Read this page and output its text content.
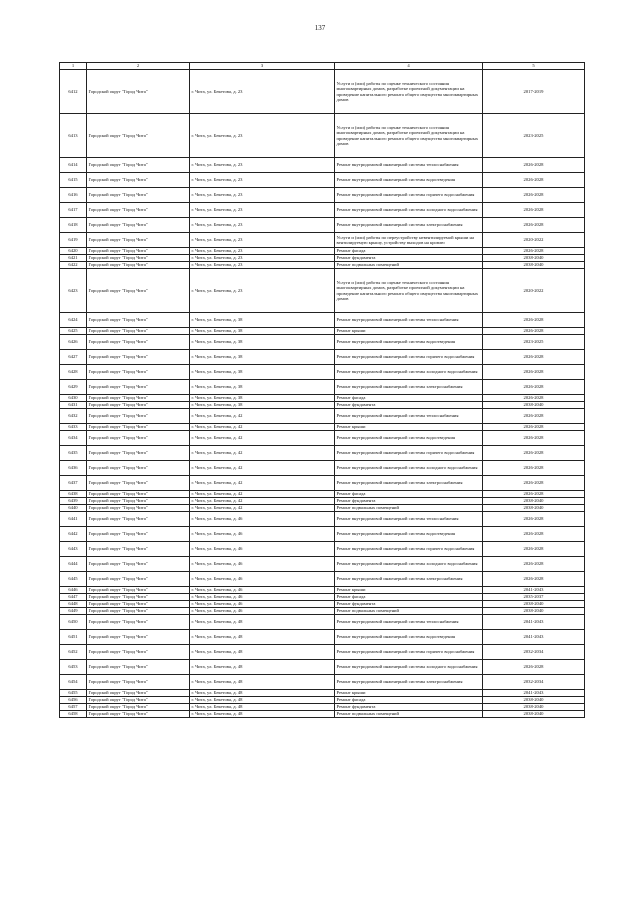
137
1	2	3	4	5
6412	Городской округ "Город Чита"	г. Чита, ул. Бекетова, д. 23	Услуги и (или) работы по оценке технического состояния многоквартирных домов, разработке проектной документации на проведение капитального ремонта общего имущества многоквартирных домов	2017-2019
6413	Городской округ "Город Чита"	г. Чита, ул. Бекетова, д. 23	Услуги и (или) работы по оценке технического состояния многоквартирных домов, разработке проектной документации на проведение капитального ремонта общего имущества многоквартирных домов	2023-2025
6414	Городской округ "Город Чита"	г. Чита, ул. Бекетова, д. 23	Ремонт внутридомовой инженерной системы теплоснабжения	2026-2028
6415	Городской округ "Город Чита"	г. Чита, ул. Бекетова, д. 23	Ремонт внутридомовой инженерной системы водоотведения	2026-2028
6416	Городской округ "Город Чита"	г. Чита, ул. Бекетова, д. 23	Ремонт внутридомовой инженерной системы горячего водоснабжения	2026-2028
6417	Городской округ "Город Чита"	г. Чита, ул. Бекетова, д. 23	Ремонт внутридомовой инженерной системы холодного водоснабжения	2026-2028
6418	Городской округ "Город Чита"	г. Чита, ул. Бекетова, д. 23	Ремонт внутридомовой инженерной системы электроснабжения	2026-2028
6419	Городской округ "Город Чита"	г. Чита, ул. Бекетова, д. 23	Услуги и (или) работы по переустройству невентилируемой крыши на вентилируемую крышу, устройству выходов на кровлю	2020-2022
6420	Городской округ "Город Чита"	г. Чита, ул. Бекетова, д. 23	Ремонт фасада	2026-2028
6421	Городской округ "Город Чита"	г. Чита, ул. Бекетова, д. 23	Ремонт фундамента	2038-2040
6422	Городской округ "Город Чита"	г. Чита, ул. Бекетова, д. 23	Ремонт подвальных помещений	2038-2040
6423	Городской округ "Город Чита"	г. Чита, ул. Бекетова, д. 23	Услуги и (или) работы по оценке технического состояния многоквартирных домов, разработке проектной документации на проведение капитального ремонта общего имущества многоквартирных домов	2020-2022
6424	Городской округ "Город Чита"	г. Чита, ул. Бекетова, д. 38	Ремонт внутридомовой инженерной системы теплоснабжения	2026-2028
6425	Городской округ "Город Чита"	г. Чита, ул. Бекетова, д. 38	Ремонт крыши	2026-2028
6426	Городской округ "Город Чита"	г. Чита, ул. Бекетова, д. 38	Ремонт внутридомовой инженерной системы водоотведения	2023-2025
6427	Городской округ "Город Чита"	г. Чита, ул. Бекетова, д. 38	Ремонт внутридомовой инженерной системы горячего водоснабжения	2026-2028
6428	Городской округ "Город Чита"	г. Чита, ул. Бекетова, д. 38	Ремонт внутридомовой инженерной системы холодного водоснабжения	2026-2028
6429	Городской округ "Город Чита"	г. Чита, ул. Бекетова, д. 38	Ремонт внутридомовой инженерной системы электроснабжения	2026-2028
6430	Городской округ "Город Чита"	г. Чита, ул. Бекетова, д. 38	Ремонт фасада	2026-2028
6431	Городской округ "Город Чита"	г. Чита, ул. Бекетова, д. 38	Ремонт фундамента	2038-2040
6432	Городской округ "Город Чита"	г. Чита, ул. Бекетова, д. 42	Ремонт внутридомовой инженерной системы теплоснабжения	2026-2028
6433	Городской округ "Город Чита"	г. Чита, ул. Бекетова, д. 42	Ремонт крыши	2026-2028
6434	Городской округ "Город Чита"	г. Чита, ул. Бекетова, д. 42	Ремонт внутридомовой инженерной системы водоотведения	2026-2028
6435	Городской округ "Город Чита"	г. Чита, ул. Бекетова, д. 42	Ремонт внутридомовой инженерной системы горячего водоснабжения	2026-2028
6436	Городской округ "Город Чита"	г. Чита, ул. Бекетова, д. 42	Ремонт внутридомовой инженерной системы холодного водоснабжения	2026-2028
6437	Городской округ "Город Чита"	г. Чита, ул. Бекетова, д. 42	Ремонт внутридомовой инженерной системы электроснабжения	2026-2028
6438	Городской округ "Город Чита"	г. Чита, ул. Бекетова, д. 42	Ремонт фасада	2026-2028
6439	Городской округ "Город Чита"	г. Чита, ул. Бекетова, д. 42	Ремонт фундамента	2038-2040
6440	Городской округ "Город Чита"	г. Чита, ул. Бекетова, д. 42	Ремонт подвальных помещений	2038-2040
6441	Городской округ "Город Чита"	г. Чита, ул. Бекетова, д. 46	Ремонт внутридомовой инженерной системы теплоснабжения	2026-2028
6442	Городской округ "Город Чита"	г. Чита, ул. Бекетова, д. 46	Ремонт внутридомовой инженерной системы водоотведения	2026-2028
6443	Городской округ "Город Чита"	г. Чита, ул. Бекетова, д. 46	Ремонт внутридомовой инженерной системы горячего водоснабжения	2026-2028
6444	Городской округ "Город Чита"	г. Чита, ул. Бекетова, д. 46	Ремонт внутридомовой инженерной системы холодного водоснабжения	2026-2028
6445	Городской округ "Город Чита"	г. Чита, ул. Бекетова, д. 46	Ремонт внутридомовой инженерной системы электроснабжения	2026-2028
6446	Городской округ "Город Чита"	г. Чита, ул. Бекетова, д. 46	Ремонт крыши	2041-2043
6447	Городской округ "Город Чита"	г. Чита, ул. Бекетова, д. 46	Ремонт фасада	2035-2037
6448	Городской округ "Город Чита"	г. Чита, ул. Бекетова, д. 46	Ремонт фундамента	2038-2040
6449	Городской округ "Город Чита"	г. Чита, ул. Бекетова, д. 46	Ремонт подвальных помещений	2038-2040
6450	Городской округ "Город Чита"	г. Чита, ул. Бекетова, д. 48	Ремонт внутридомовой инженерной системы теплоснабжения	2041-2043
6451	Городской округ "Город Чита"	г. Чита, ул. Бекетова, д. 48	Ремонт внутридомовой инженерной системы водоотведения	2041-2043
6452	Городской округ "Город Чита"	г. Чита, ул. Бекетова, д. 48	Ремонт внутридомовой инженерной системы горячего водоснабжения	2032-2034
6453	Городской округ "Город Чита"	г. Чита, ул. Бекетова, д. 48	Ремонт внутридомовой инженерной системы холодного водоснабжения	2026-2028
6454	Городской округ "Город Чита"	г. Чита, ул. Бекетова, д. 48	Ремонт внутридомовой инженерной системы электроснабжения	2032-2034
6455	Городской округ "Город Чита"	г. Чита, ул. Бекетова, д. 48	Ремонт крыши	2041-2043
6456	Городской округ "Город Чита"	г. Чита, ул. Бекетова, д. 48	Ремонт фасада	2038-2040
6457	Городской округ "Город Чита"	г. Чита, ул. Бекетова, д. 48	Ремонт фундамента	2038-2040
6458	Городской округ "Город Чита"	г. Чита, ул. Бекетова, д. 48	Ремонт подвальных помещений	2038-2040
